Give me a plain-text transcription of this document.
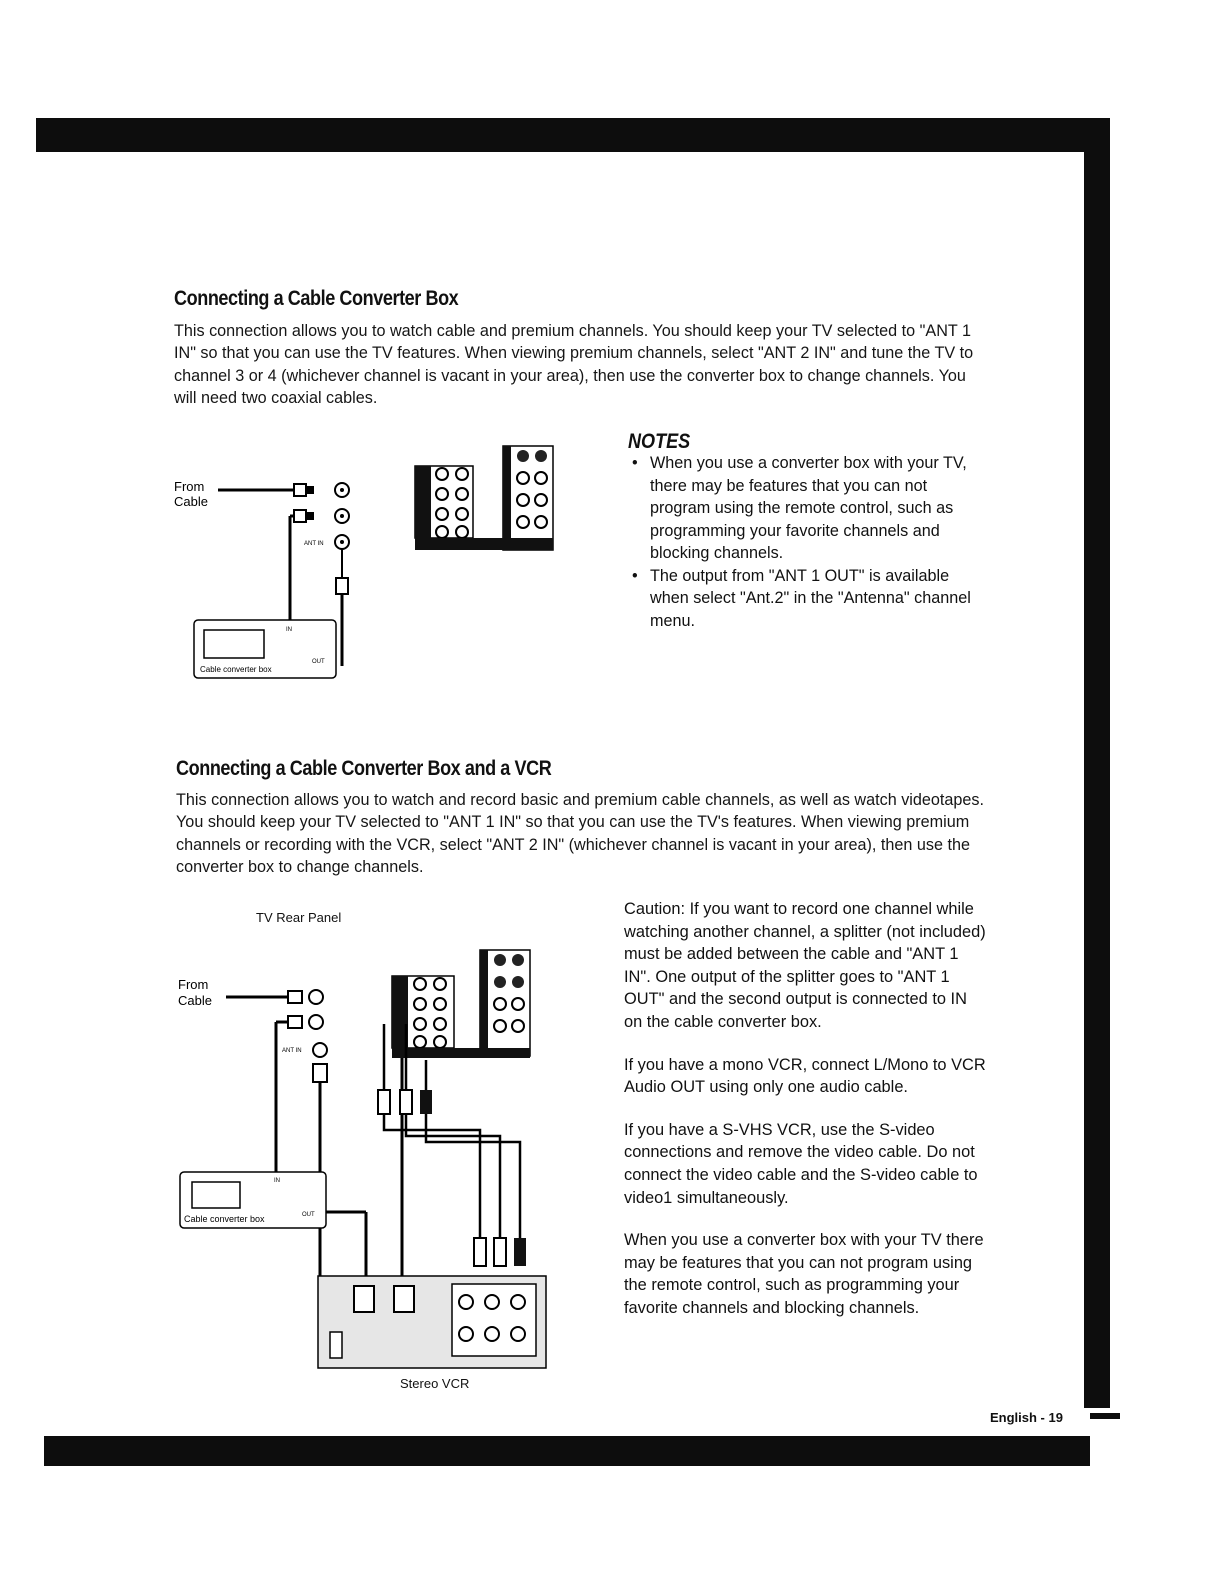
Connecting a Cable Converter Box

This connection allows you to watch cable and premium channels. You should keep your TV selected to "ANT 1 IN" so that you can use the TV features. When viewing premium channels, select "ANT 2 IN" and tune the TV to channel 3 or 4 (whichever channel is vacant in your area), then use the converter box to change channels. You will need two coaxial cables.

From
Cable
ANT IN
IN
OUT
Cable converter box
NOTES
• When you use a converter box with your TV, there may be features that you can not program using the remote control, such as programming your favorite channels and blocking channels.
• The output from "ANT 1 OUT" is available when select "Ant.2" in the "Antenna" channel menu.
Connecting a Cable Converter Box and a VCR

This connection allows you to watch and record basic and premium cable channels, as well as watch videotapes. You should keep your TV selected to "ANT 1 IN" so that you can use the TV's features. When viewing premium channels or recording with the VCR, select "ANT 2 IN" (whichever channel is vacant in your area), then use the converter box to change channels.

TV Rear Panel
From
Cable
ANT IN
IN
OUT
Cable converter box
Stereo VCR

Caution: If you want to record one channel while watching another channel, a splitter (not included) must be added between the cable and "ANT 1 IN". One output of the splitter goes to "ANT 1 OUT" and the second output is connected to IN on the cable converter box.

If you have a mono VCR, connect L/Mono to VCR Audio OUT using only one audio cable.

If you have a S-VHS VCR, use the S-video connections and remove the video cable. Do not connect the video cable and the S-video cable to video1 simultaneously.

When you use a converter box with your TV there may be features that you can not program using the remote control, such as programming your favorite channels and blocking channels.

English - 19
